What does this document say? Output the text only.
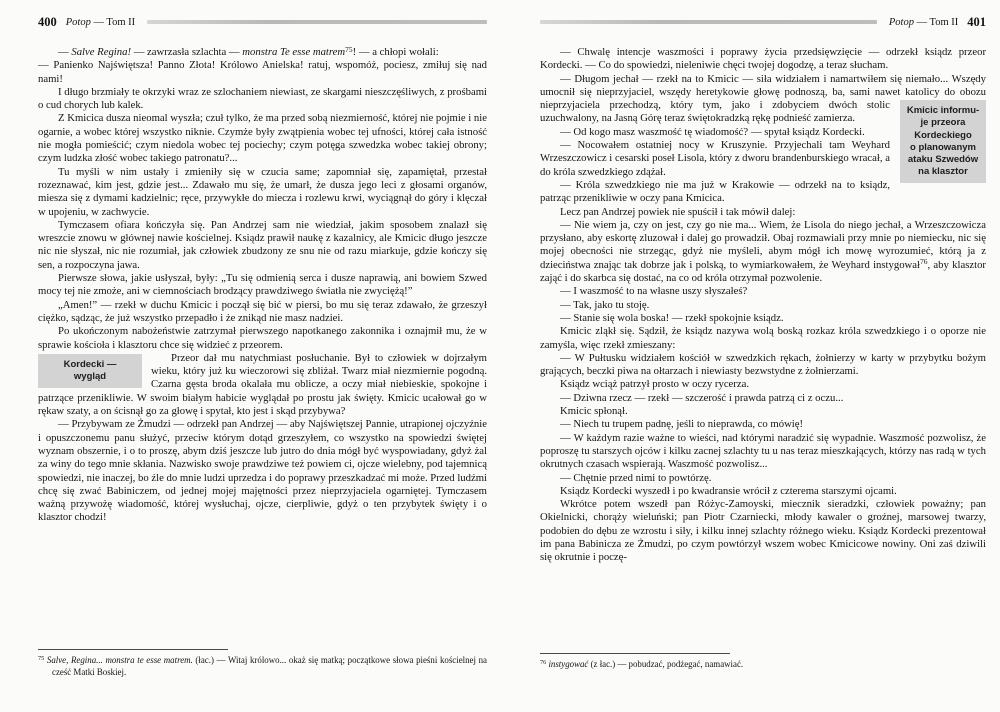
400 Potop — Tom II

— Salve Regina! — zawrzasła szlachta — monstra Te esse matrem$^{75}$! — a chłopi wołali:

— Panienko Najświętsza! Panno Złota! Królowo Anielska! ratuj, wspomóż, pociesz, zmiłuj się nad nami!

I długo brzmiały te okrzyki wraz ze szlochaniem niewiast, ze skargami nieszczęśliwych, z prośbami o cud chorych lub kalek.

Z Kmicica dusza nieomal wyszła; czuł tylko, że ma przed sobą niezmierność, której nie pojmie i nie ogarnie, a wobec której wszystko niknie. Czymże były zwątpienia wobec tej ufności, której cała istność nie mogła pomieścić; czym niedola wobec tej pociechy; czym potęga szwedzka wobec takiej obrony; czym ludzka złość wobec takiego patronatu?...

Tu myśli w nim ustały i zmieniły się w czucia same; zapomniał się, zapamiętał, przestał rozeznawać, kim jest, gdzie jest... Zdawało mu się, że umarł, że dusza jego leci z głosami organów, miesza się z dymami kadzielnic; ręce, przywykłe do miecza i rozlewu krwi, wyciągnął do góry i klęczał w upojeniu, w zachwycie.

Tymczasem ofiara kończyła się. Pan Andrzej sam nie wiedział, jakim sposobem znalazł się wreszcie znowu w głównej nawie kościelnej. Ksiądz prawił naukę z kazalnicy, ale Kmicic długo jeszcze nic nie słyszał, nic nie rozumiał, jak człowiek zbudzony ze snu nie od razu miarkuje, gdzie kończy się sen, a rozpoczyna jawa.

Pierwsze słowa, jakie usłyszał, były: „Tu się odmienią serca i dusze naprawią, ani bowiem Szwed mocy tej nie zmoże, ani w ciemnościach brodzący prawdziwego światła nie zwyciężą!”

„Amen!” — rzekł w duchu Kmicic i począł się bić w piersi, bo mu się teraz zdawało, że grzeszył ciężko, sądząc, że już wszystko przepadło i że znikąd nie masz nadziei.

Po ukończonym nabożeństwie zatrzymał pierwszego napotkanego zakonnika i oznajmił mu, że w sprawie kościoła i klasztoru chce się widzieć z przeorem.

Kordecki —
wygląd
Przeor dał mu natychmiast posłuchanie. Był to człowiek w dojrzałym wieku, który już ku wieczorowi się zbliżał. Twarz miał niezmiernie pogodną. Czarna gęsta broda okalała mu oblicze, a oczy miał niebieskie, spokojne i patrzące przenikliwie. W swoim białym habicie wyglądał po prostu jak święty. Kmicic ucałował go w rękaw szaty, a on ścisnął go za głowę i spytał, kto jest i skąd przybywa?

— Przybywam ze Żmudzi — odrzekł pan Andrzej — aby Najświętszej Pannie, utrapionej ojczyźnie i opuszczonemu panu służyć, przeciw którym dotąd grzeszyłem, co wszystko na spowiedzi świętej wyznam obszernie, i o to proszę, abym dziś jeszcze lub jutro do dnia mógł być wyspowiadany, gdyż żal za winy do tego mnie skłania. Nazwisko swoje prawdziwe też powiem ci, ojcze wielebny, pod tajemnicą spowiedzi, nie inaczej, bo źle do mnie ludzi uprzedza i do poprawy przeszkadzać mi może. Przed ludźmi chcę się zwać Babiniczem, od jednej mojej majętności przez nieprzyjaciela ogarniętej. Tymczasem ważną przywożę wiadomość, której wysłuchaj, ojcze, cierpliwie, gdyż o ten przybytek święty i o klasztor chodzi!

$^{75}$ Salve, Regina... monstra te esse matrem. (łac.) — Witaj królowo... okaż się matką; początkowe słowa pieśni kościelnej na cześć Matki Boskiej.

Potop — Tom II 401

— Chwalę intencje waszmości i poprawy życia przedsięwzięcie — odrzekł ksiądz przeor Kordecki. — Co do spowiedzi, nieleniwie chęci twojej dogodzę, a teraz słucham.

— Długom jechał — rzekł na to Kmicic — siła widziałem i namartwiłem się niemało... Wszędy umocnił się nieprzyjaciel, wszędy heretykowie głowę podnoszą, ba, sami nawet katolicy do obozu nieprzyjaciela przechodzą, który tym, jako i zdobyciem dwóch	Kmicic informu-
je przeora
Kordeckiego
o planowanym
ataku Szwedów
na klasztor
stolic uzuchwalony, na Jasną Górę teraz świętokradzką rękę podnieść zamierza.

— Od kogo masz waszmość tę wiadomość? — spytał ksiądz Kordecki.

— Nocowałem ostatniej nocy w Kruszynie. Przyjechali tam Weyhard Wrzeszczowicz i cesarski poseł Lisola, który z dworu brandenburskiego wracał, a do króla szwedzkiego zdążał.

— Króla szwedzkiego nie ma już w Krakowie — odrzekł na to ksiądz, patrząc przenikliwie w oczy pana Kmicica.

Lecz pan Andrzej powiek nie spuścił i tak mówił dalej:

— Nie wiem ja, czy on jest, czy go nie ma... Wiem, że Lisola do niego jechał, a Wrzeszczowicza przysłano, aby eskortę zluzował i dalej go prowadził. Obaj rozmawiali przy mnie po niemiecku, nic się mojej obecności nie strzegąc, gdyż nie myśleli, abym mógł ich mowę wyrozumieć, którą ja z dzieciństwa znając tak dobrze jak i polską, to wymiarkowałem, że Weyhard instygował$^{76}$, aby klasztor zająć i do skarbca się dostać, na co od króla otrzymał pozwolenie.

— I waszmość to na własne uszy słyszałeś?

— Tak, jako tu stoję.

— Stanie się wola boska! — rzekł spokojnie ksiądz.

Kmicic zląkł się. Sądził, że ksiądz nazywa wolą boską rozkaz króla szwedzkiego i o oporze nie zamyśla, więc rzekł zmieszany:

— W Pułtusku widziałem kościół w szwedzkich rękach, żołnierzy w karty w przybytku bożym grających, beczki piwa na ołtarzach i niewiasty bezwstydne z żołnierzami.

Ksiądz wciąż patrzył prosto w oczy rycerza.

— Dziwna rzecz — rzekł — szczerość i prawda patrzą ci z oczu...

Kmicic spłonął.

— Niech tu trupem padnę, jeśli to nieprawda, co mówię!

— W każdym razie ważne to wieści, nad którymi naradzić się wypadnie. Waszmość pozwolisz, że poproszę tu starszych ojców i kilku zacnej szlachty tu u nas teraz mieszkających, którzy nas radą w tych okrutnych czasach wspierają. Waszmość pozwolisz...

— Chętnie przed nimi to powtórzę.

Ksiądz Kordecki wyszedł i po kwadransie wrócił z czterema starszymi ojcami.

Wkrótce potem wszedł pan Różyc-Zamoyski, miecznik sieradzki, człowiek poważny; pan Okielnicki, chorąży wieluński; pan Piotr Czarniecki, młody kawaler o groźnej, marsowej twarzy, podobien do dębu ze wzrostu i siły, i kilku innej szlachty różnego wieku. Ksiądz Kordecki prezentował im pana Babinicza ze Żmudzi, po czym powtórzył wszem wobec Kmicicowe nowiny. Oni zaś dziwili się okrutnie i poczę-

$^{76}$ instygować (z łac.) — pobudzać, podżegać, namawiać.
